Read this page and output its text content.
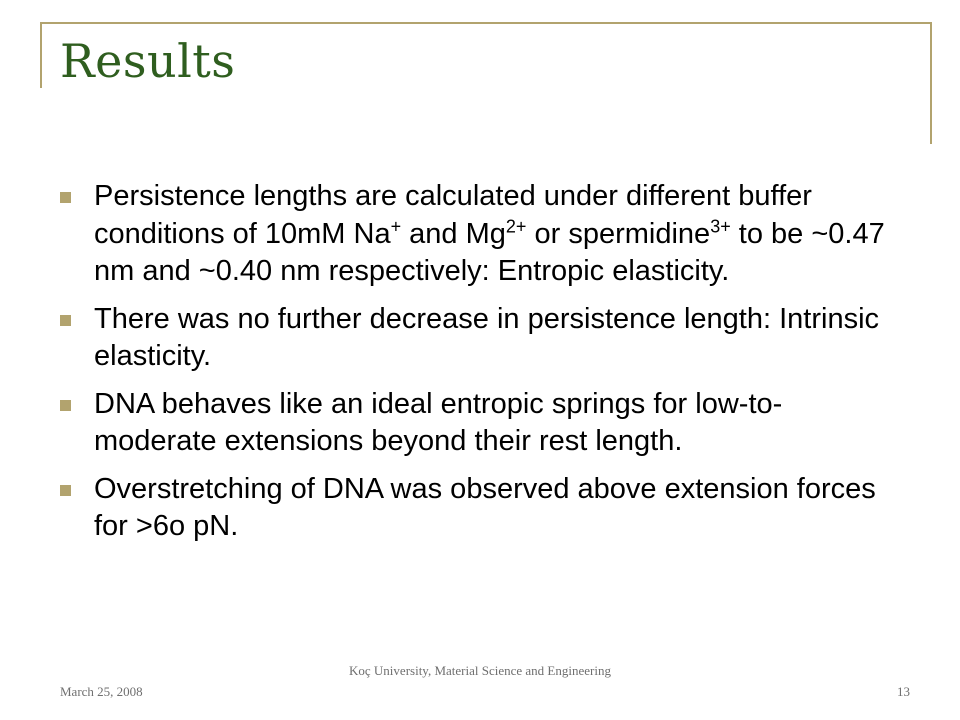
Results
Persistence lengths are calculated under different buffer conditions of 10mM Na+ and $Mg^{2+}$ or spermidine$^{3+}$ to be ~0.47 nm and ~0.40 nm respectively: Entropic elasticity.
There was no further decrease in persistence length: Intrinsic elasticity.
DNA behaves like an ideal entropic springs for low-to-moderate extensions beyond their rest length.
Overstretching of DNA was observed above extension forces for >6o pN.
March 25, 2008
Koç University, Material Science and Engineering
13
